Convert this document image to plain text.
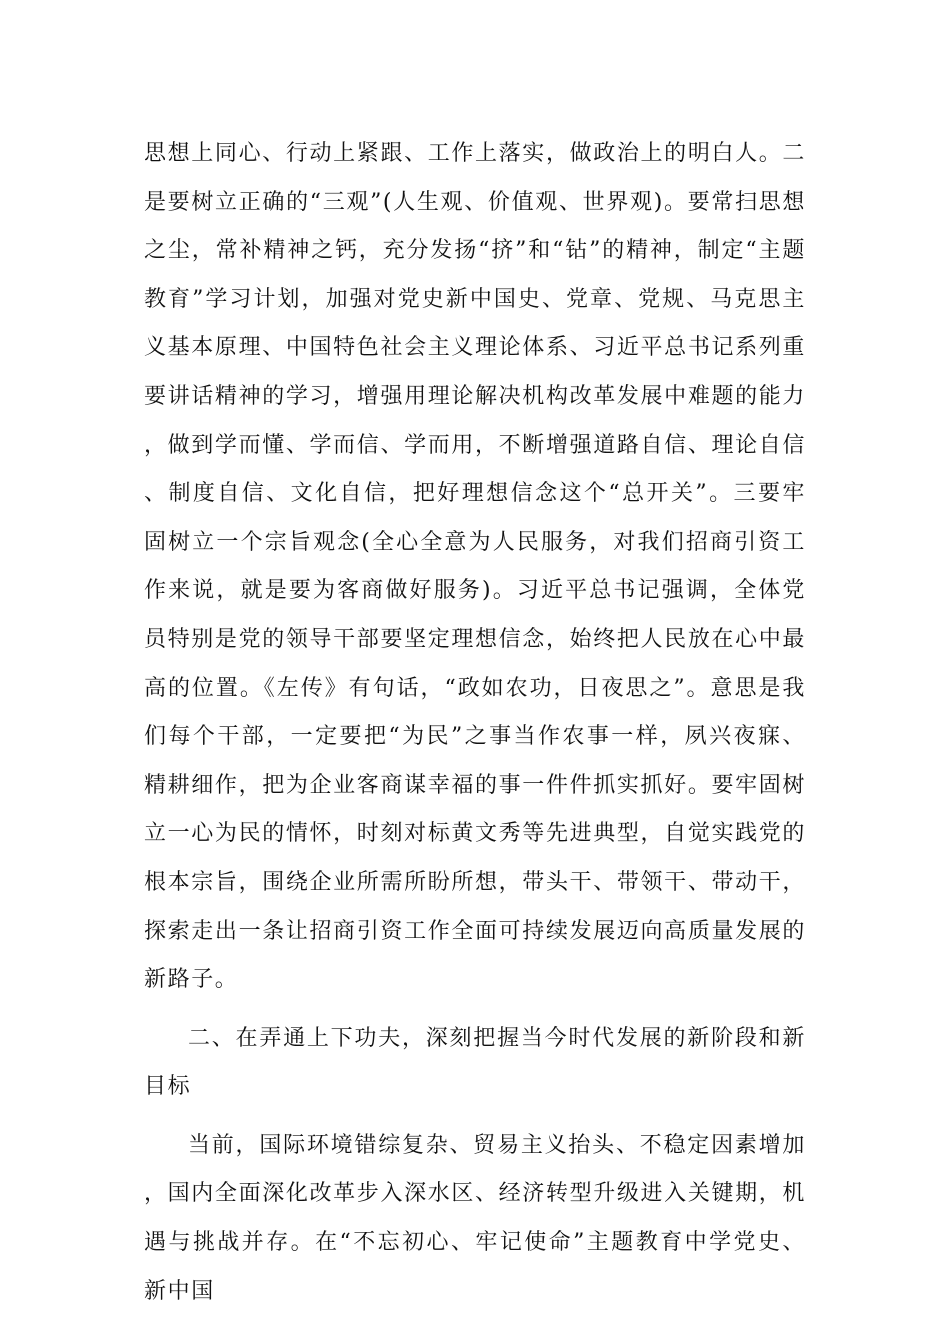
思想上同心、行动上紧跟、工作上落实，做政治上的明白人。二是要树立正确的“三观”(人生观、价值观、世界观)。要常扫思想之尘，常补精神之钙，充分发扬“挤”和“钻”的精神，制定“主题教育”学习计划，加强对党史新中国史、党章、党规、马克思主义基本原理、中国特色社会主义理论体系、习近平总书记系列重要讲话精神的学习，增强用理论解决机构改革发展中难题的能力，做到学而懂、学而信、学而用，不断增强道路自信、理论自信、制度自信、文化自信，把好理想信念这个“总开关”。三要牢固树立一个宗旨观念(全心全意为人民服务，对我们招商引资工作来说，就是要为客商做好服务)。习近平总书记强调，全体党员特别是党的领导干部要坚定理想信念，始终把人民放在心中最高的位置。《左传》有句话，“政如农功，日夜思之”。意思是我们每个干部，一定要把“为民”之事当作农事一样，夙兴夜寐、精耕细作，把为企业客商谋幸福的事一件件抓实抓好。要牢固树立一心为民的情怀，时刻对标黄文秀等先进典型，自觉实践党的根本宗旨，围绕企业所需所盼所想，带头干、带领干、带动干，探索走出一条让招商引资工作全面可持续发展迈向高质量发展的新路子。

二、在弄通上下功夫，深刻把握当今时代发展的新阶段和新目标

当前，国际环境错综复杂、贸易主义抬头、不稳定因素增加，国内全面深化改革步入深水区、经济转型升级进入关键期，机遇与挑战并存。在“不忘初心、牢记使命”主题教育中学党史、新中国
